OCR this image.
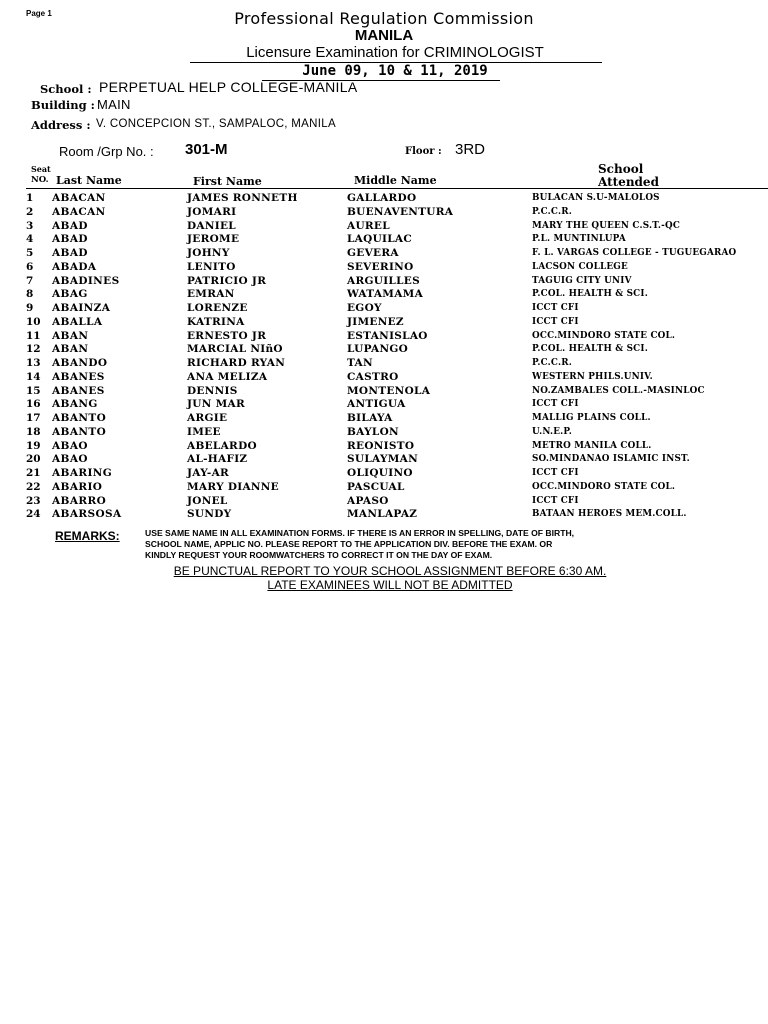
Page 1	Professional Regulation Commission
MANILA
Licensure Examination for CRIMINOLOGIST
June 09, 10 & 11, 2019
School : PERPETUAL HELP COLLEGE-MANILA
Building : MAIN
Address : V. CONCEPCION ST., SAMPALOC, MANILA
Room /Grp No. : 301-M	Floor : 3RD
Seat
NO. Last Name	First Name	Middle Name
School
Attended
1 ABACAN	JAMES RONNETH	GALLARDO	BULACAN S.U-MALOLOS
2 ABACAN	JOMARI	BUENAVENTURA	P.C.C.R.
3 ABAD	DANIEL	AUREL	MARY THE QUEEN C.S.T.-QC
4 ABAD	JEROME	LAQUILAC	P.L. MUNTINLUPA
5 ABAD	JOHNY	GEVERA	F. L. VARGAS COLLEGE - TUGUEGARAO
6 ABADA	LENITO	SEVERINO	LACSON COLLEGE
7 ABADINES	PATRICIO JR	ARGUILLES	TAGUIG CITY UNIV
8 ABAG	EMRAN	WATAMAMA	P.COL. HEALTH & SCI.
9 ABAINZA	LORENZE	EGOY	ICCT CFI
10 ABALLA	KATRINA	JIMENEZ	ICCT CFI
11 ABAN	ERNESTO JR	ESTANISLAO	OCC.MINDORO STATE COL.
12 ABAN	MARCIAL NIñO	LUPANGO	P.COL. HEALTH & SCI.
13 ABANDO	RICHARD RYAN	TAN	P.C.C.R.
14 ABANES	ANA MELIZA	CASTRO	WESTERN PHILS.UNIV.
15 ABANES	DENNIS	MONTENOLA	NO.ZAMBALES COLL.-MASINLOC
16 ABANG	JUN MAR	ANTIGUA	ICCT CFI
17 ABANTO	ARGIE	BILAYA	MALLIG PLAINS COLL.
18 ABANTO	IMEE	BAYLON	U.N.E.P.
19 ABAO	ABELARDO	REONISTO	METRO MANILA COLL.
20 ABAO	AL-HAFIZ	SULAYMAN	SO.MINDANAO ISLAMIC INST.
21 ABARING	JAY-AR	OLIQUINO	ICCT CFI
22 ABARIO	MARY DIANNE	PASCUAL	OCC.MINDORO STATE COL.
23 ABARRO	JONEL	APASO	ICCT CFI
24 ABARSOSA	SUNDY	MANLAPAZ	BATAAN HEROES MEM.COLL.
REMARKS:	USE SAME NAME IN ALL EXAMINATION FORMS. IF THERE IS AN ERROR IN SPELLING, DATE OF BIRTH,
SCHOOL NAME, APPLIC NO. PLEASE REPORT TO THE APPLICATION DIV. BEFORE THE EXAM. OR
KINDLY REQUEST YOUR ROOMWATCHERS TO CORRECT IT ON THE DAY OF EXAM.
BE PUNCTUAL REPORT TO YOUR SCHOOL ASSIGNMENT BEFORE 6:30 AM.
LATE EXAMINEES WILL NOT BE ADMITTED
